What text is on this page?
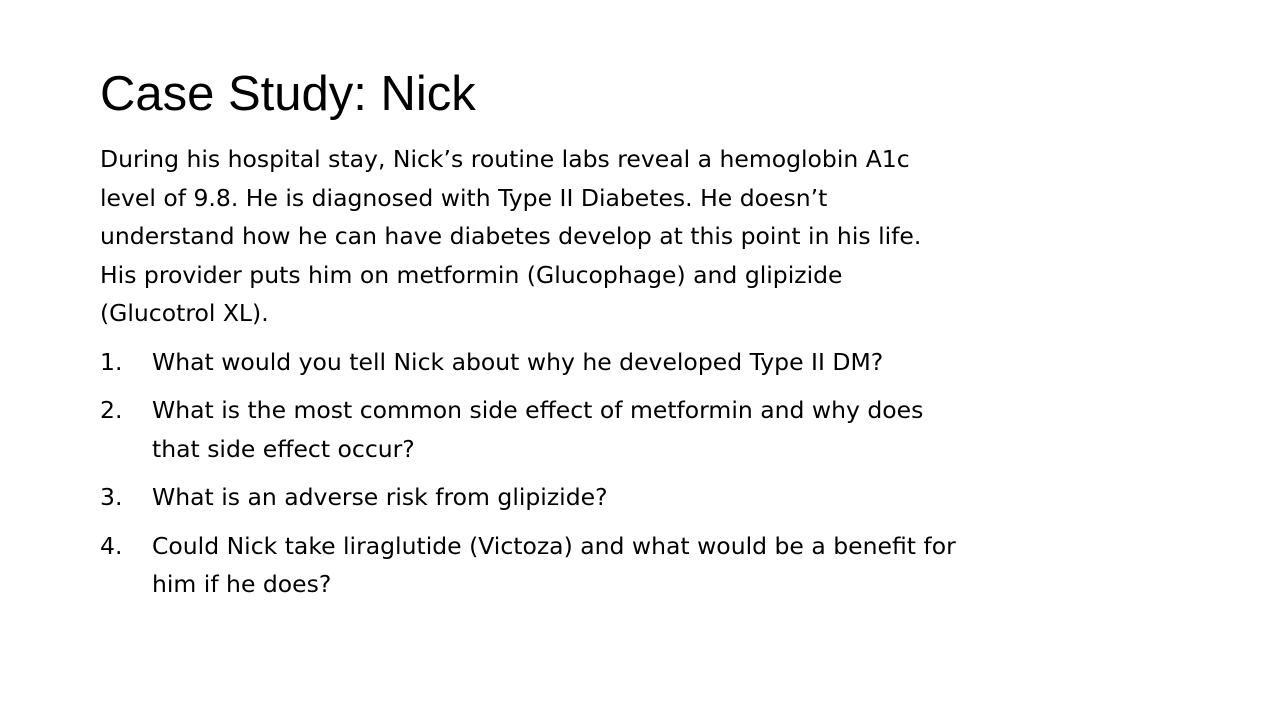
Case Study: Nick

During his hospital stay, Nick’s routine labs reveal a hemoglobin A1c
level of 9.8. He is diagnosed with Type II Diabetes. He doesn’t
understand how he can have diabetes develop at this point in his life.
His provider puts him on metformin (Glucophage) and glipizide
(Glucotrol XL).

1. What would you tell Nick about why he developed Type II DM?
2. What is the most common side effect of metformin and why does
that side effect occur?
3. What is an adverse risk from glipizide?
4. Could Nick take liraglutide (Victoza) and what would be a benefit for
him if he does?
